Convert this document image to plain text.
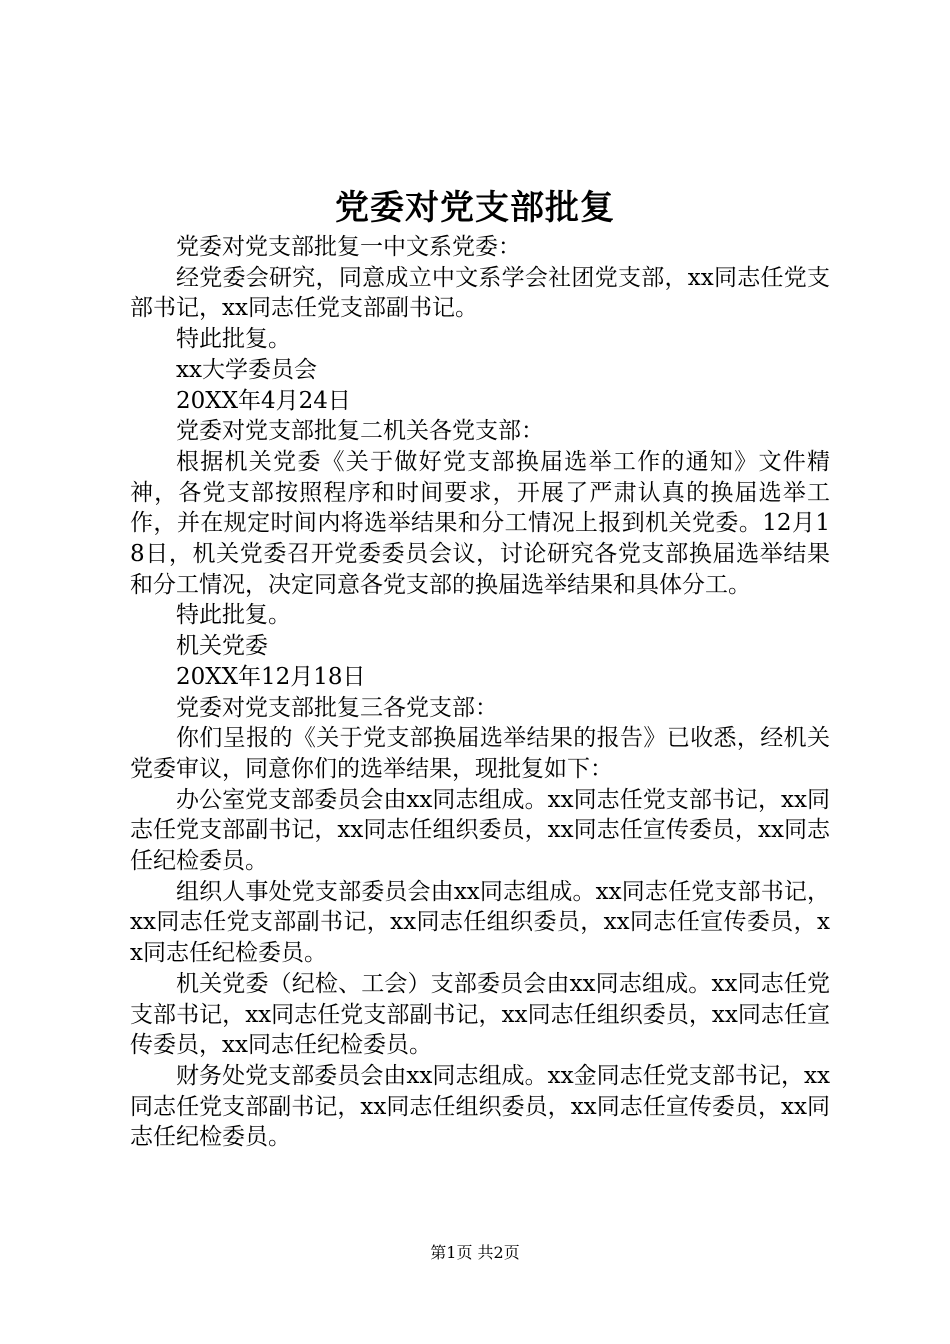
党委对党支部批复

党委对党支部批复一中文系党委：

经党委会研究，同意成立中文系学会社团党支部，xx同志任党支部书记，xx同志任党支部副书记。

特此批复。

xx大学委员会

20XX年4月24日

党委对党支部批复二机关各党支部：

根据机关党委《关于做好党支部换届选举工作的通知》文件精神，各党支部按照程序和时间要求，开展了严肃认真的换届选举工作，并在规定时间内将选举结果和分工情况上报到机关党委。12月18日，机关党委召开党委委员会议，讨论研究各党支部换届选举结果和分工情况，决定同意各党支部的换届选举结果和具体分工。

特此批复。

机关党委

20XX年12月18日

党委对党支部批复三各党支部：

你们呈报的《关于党支部换届选举结果的报告》已收悉，经机关党委审议，同意你们的选举结果，现批复如下：

办公室党支部委员会由xx同志组成。xx同志任党支部书记，xx同志任党支部副书记，xx同志任组织委员，xx同志任宣传委员，xx同志任纪检委员。

组织人事处党支部委员会由xx同志组成。xx同志任党支部书记，xx同志任党支部副书记，xx同志任组织委员，xx同志任宣传委员，xx同志任纪检委员。

机关党委（纪检、工会）支部委员会由xx同志组成。xx同志任党支部书记，xx同志任党支部副书记，xx同志任组织委员，xx同志任宣传委员，xx同志任纪检委员。

财务处党支部委员会由xx同志组成。xx金同志任党支部书记，xx同志任党支部副书记，xx同志任组织委员，xx同志任宣传委员，xx同志任纪检委员。

第1页 共2页
